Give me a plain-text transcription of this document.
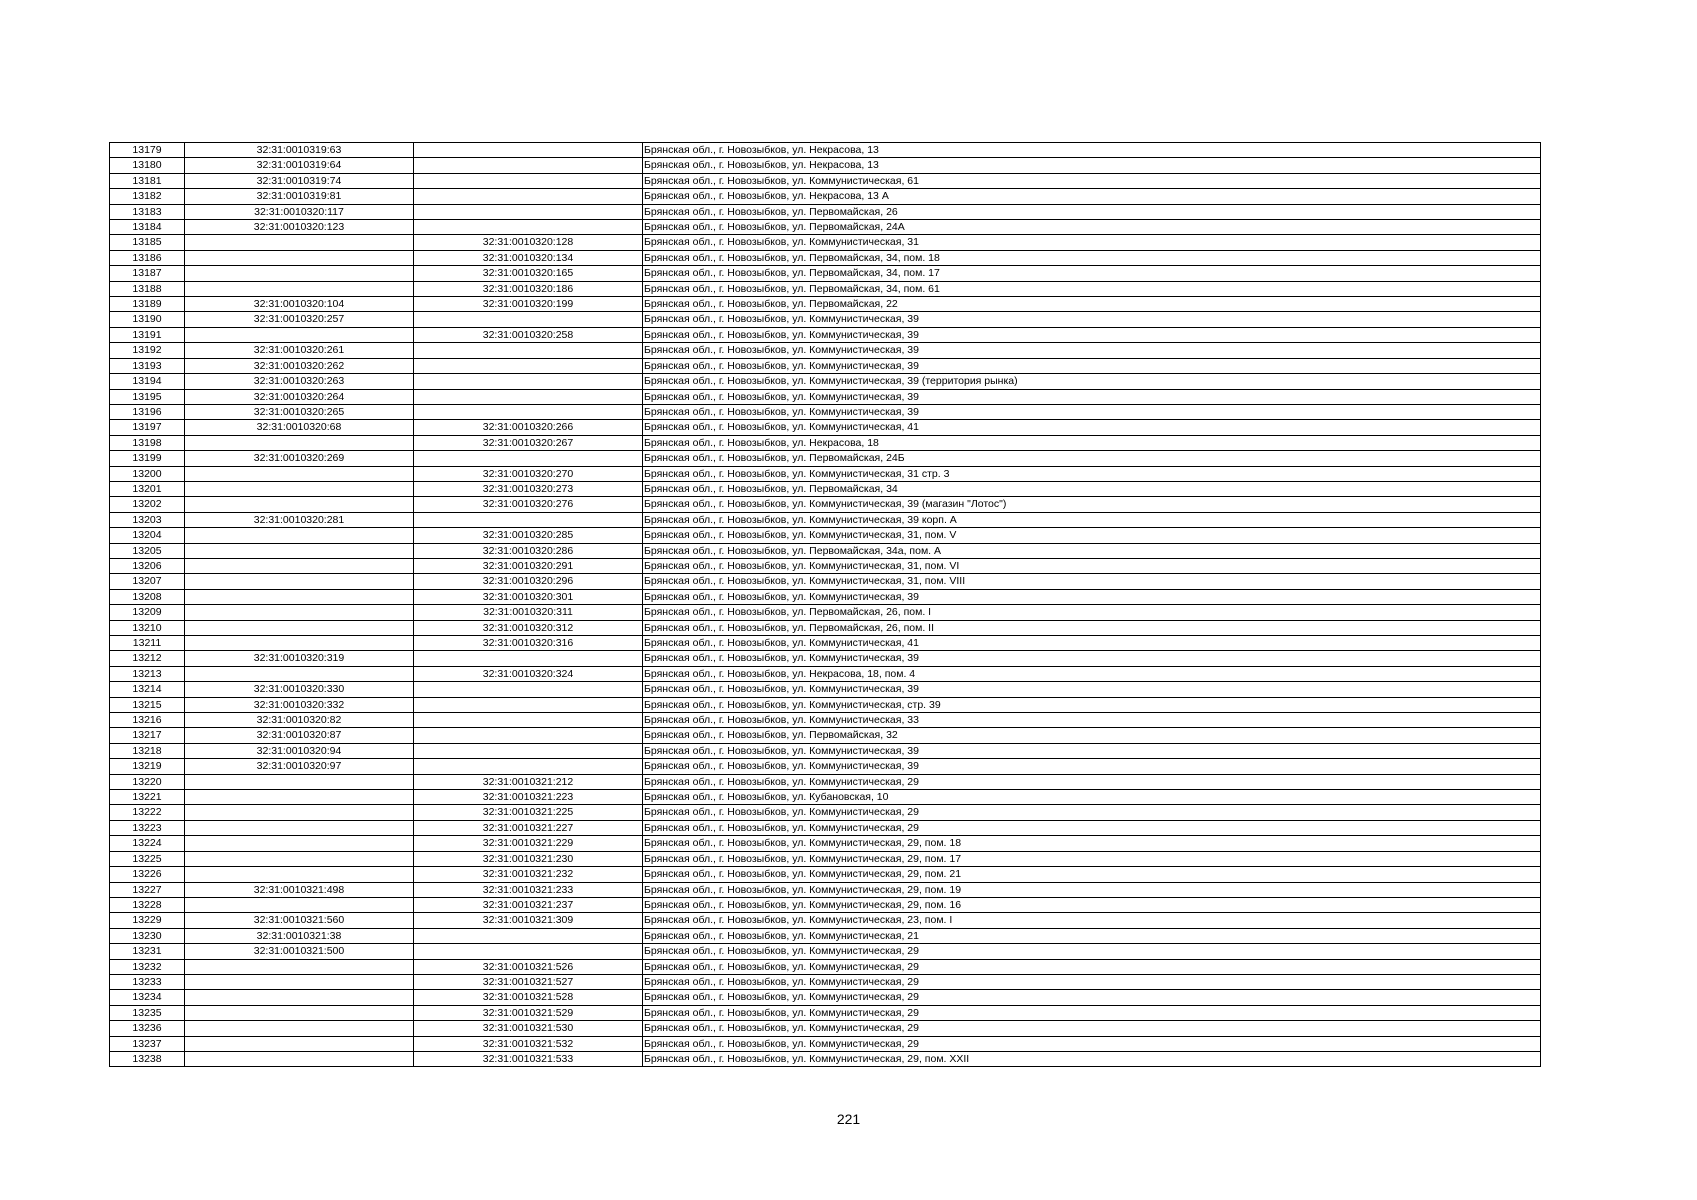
13179	32:31:0010319:63		Брянская обл., г. Новозыбков, ул. Некрасова, 13
13180	32:31:0010319:64		Брянская обл., г. Новозыбков, ул. Некрасова, 13
13181	32:31:0010319:74		Брянская обл., г. Новозыбков, ул. Коммунистическая, 61
13182	32:31:0010319:81		Брянская обл., г. Новозыбков, ул. Некрасова, 13 А
13183	32:31:0010320:117		Брянская обл., г. Новозыбков, ул. Первомайская, 26
13184	32:31:0010320:123		Брянская обл., г. Новозыбков, ул. Первомайская, 24А
13185		32:31:0010320:128	Брянская обл., г. Новозыбков, ул. Коммунистическая, 31
13186		32:31:0010320:134	Брянская обл., г. Новозыбков, ул. Первомайская, 34, пом. 18
13187		32:31:0010320:165	Брянская обл., г. Новозыбков, ул. Первомайская, 34, пом. 17
13188		32:31:0010320:186	Брянская обл., г. Новозыбков, ул. Первомайская, 34, пом. 61
13189	32:31:0010320:104	32:31:0010320:199	Брянская обл., г. Новозыбков, ул. Первомайская, 22
13190	32:31:0010320:257		Брянская обл., г. Новозыбков, ул. Коммунистическая, 39
13191		32:31:0010320:258	Брянская обл., г. Новозыбков, ул. Коммунистическая, 39
13192	32:31:0010320:261		Брянская обл., г. Новозыбков, ул. Коммунистическая, 39
13193	32:31:0010320:262		Брянская обл., г. Новозыбков, ул. Коммунистическая, 39
13194	32:31:0010320:263		Брянская обл., г. Новозыбков, ул. Коммунистическая, 39 (территория рынка)
13195	32:31:0010320:264		Брянская обл., г. Новозыбков, ул. Коммунистическая, 39
13196	32:31:0010320:265		Брянская обл., г. Новозыбков, ул. Коммунистическая, 39
13197	32:31:0010320:68	32:31:0010320:266	Брянская обл., г. Новозыбков, ул. Коммунистическая, 41
13198		32:31:0010320:267	Брянская обл., г. Новозыбков, ул. Некрасова, 18
13199	32:31:0010320:269		Брянская обл., г. Новозыбков, ул. Первомайская, 24Б
13200		32:31:0010320:270	Брянская обл., г. Новозыбков, ул. Коммунистическая, 31 стр. 3
13201		32:31:0010320:273	Брянская обл., г. Новозыбков, ул. Первомайская, 34
13202		32:31:0010320:276	Брянская обл., г. Новозыбков, ул. Коммунистическая, 39 (магазин "Лотос")
13203	32:31:0010320:281		Брянская обл., г. Новозыбков, ул. Коммунистическая, 39 корп. А
13204		32:31:0010320:285	Брянская обл., г. Новозыбков, ул. Коммунистическая, 31, пом. V
13205		32:31:0010320:286	Брянская обл., г. Новозыбков, ул. Первомайская, 34а, пом. А
13206		32:31:0010320:291	Брянская обл., г. Новозыбков, ул. Коммунистическая, 31, пом. VI
13207		32:31:0010320:296	Брянская обл., г. Новозыбков, ул. Коммунистическая, 31, пом. VIII
13208		32:31:0010320:301	Брянская обл., г. Новозыбков, ул. Коммунистическая, 39
13209		32:31:0010320:311	Брянская обл., г. Новозыбков, ул. Первомайская, 26, пом. I
13210		32:31:0010320:312	Брянская обл., г. Новозыбков, ул. Первомайская, 26, пом. II
13211		32:31:0010320:316	Брянская обл., г. Новозыбков, ул. Коммунистическая, 41
13212	32:31:0010320:319		Брянская обл., г. Новозыбков, ул. Коммунистическая, 39
13213		32:31:0010320:324	Брянская обл., г. Новозыбков, ул. Некрасова, 18, пом. 4
13214	32:31:0010320:330		Брянская обл., г. Новозыбков, ул. Коммунистическая, 39
13215	32:31:0010320:332		Брянская обл., г. Новозыбков, ул. Коммунистическая, стр. 39
13216	32:31:0010320:82		Брянская обл., г. Новозыбков, ул. Коммунистическая, 33
13217	32:31:0010320:87		Брянская обл., г. Новозыбков, ул. Первомайская, 32
13218	32:31:0010320:94		Брянская обл., г. Новозыбков, ул. Коммунистическая, 39
13219	32:31:0010320:97		Брянская обл., г. Новозыбков, ул. Коммунистическая, 39
13220		32:31:0010321:212	Брянская обл., г. Новозыбков, ул. Коммунистическая, 29
13221		32:31:0010321:223	Брянская обл., г. Новозыбков, ул. Кубановская, 10
13222		32:31:0010321:225	Брянская обл., г. Новозыбков, ул. Коммунистическая, 29
13223		32:31:0010321:227	Брянская обл., г. Новозыбков, ул. Коммунистическая, 29
13224		32:31:0010321:229	Брянская обл., г. Новозыбков, ул. Коммунистическая, 29, пом. 18
13225		32:31:0010321:230	Брянская обл., г. Новозыбков, ул. Коммунистическая, 29, пом. 17
13226		32:31:0010321:232	Брянская обл., г. Новозыбков, ул. Коммунистическая, 29, пом. 21
13227	32:31:0010321:498	32:31:0010321:233	Брянская обл., г. Новозыбков, ул. Коммунистическая, 29, пом. 19
13228		32:31:0010321:237	Брянская обл., г. Новозыбков, ул. Коммунистическая, 29, пом. 16
13229	32:31:0010321:560	32:31:0010321:309	Брянская обл., г. Новозыбков, ул. Коммунистическая, 23, пом. I
13230	32:31:0010321:38		Брянская обл., г. Новозыбков, ул. Коммунистическая, 21
13231	32:31:0010321:500		Брянская обл., г. Новозыбков, ул. Коммунистическая, 29
13232		32:31:0010321:526	Брянская обл., г. Новозыбков, ул. Коммунистическая, 29
13233		32:31:0010321:527	Брянская обл., г. Новозыбков, ул. Коммунистическая, 29
13234		32:31:0010321:528	Брянская обл., г. Новозыбков, ул. Коммунистическая, 29
13235		32:31:0010321:529	Брянская обл., г. Новозыбков, ул. Коммунистическая, 29
13236		32:31:0010321:530	Брянская обл., г. Новозыбков, ул. Коммунистическая, 29
13237		32:31:0010321:532	Брянская обл., г. Новозыбков, ул. Коммунистическая, 29
13238		32:31:0010321:533	Брянская обл., г. Новозыбков, ул. Коммунистическая, 29, пом. XXII
221
